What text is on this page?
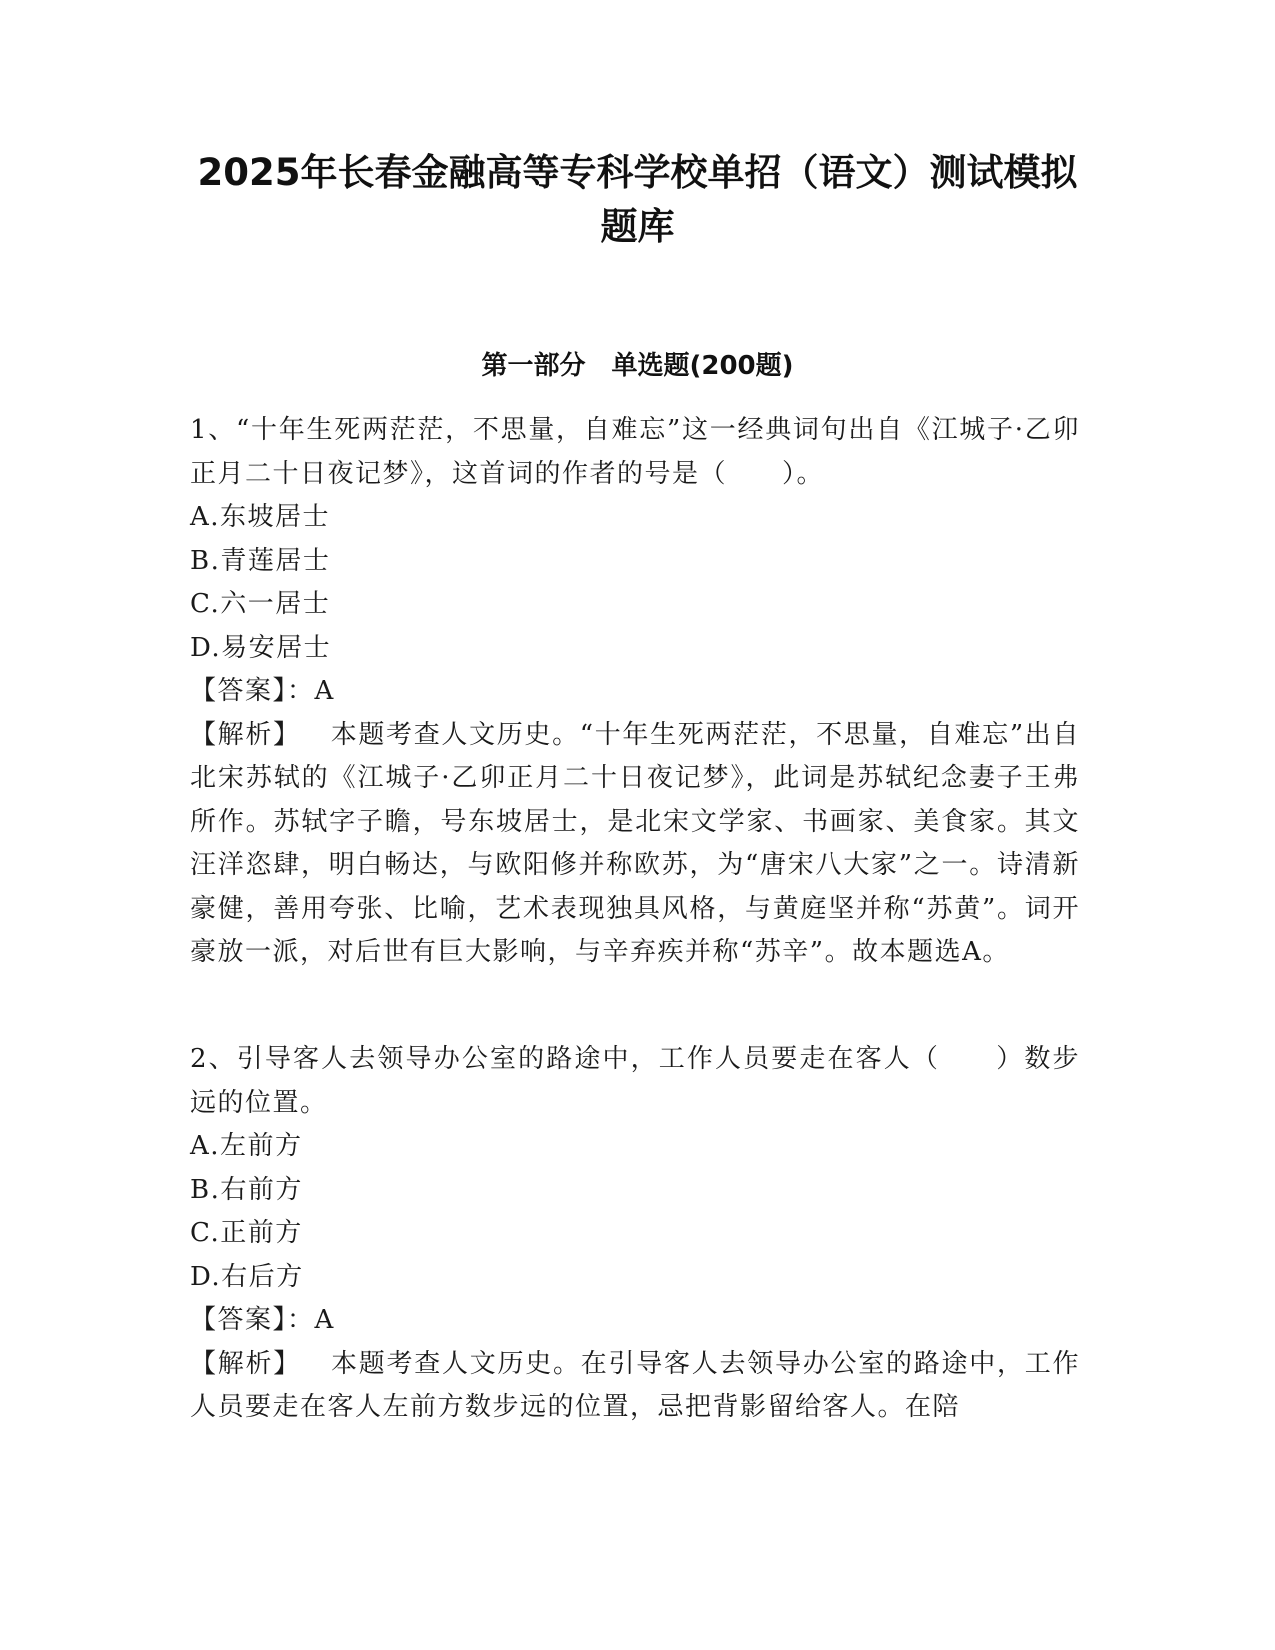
2025年长春金融高等专科学校单招（语文）测试模拟题库
第一部分　单选题(200题)

1、“十年生死两茫茫，不思量，自难忘”这一经典词句出自《江城子·乙卯正月二十日夜记梦》，这首词的作者的号是（　　）。

A.东坡居士
B.青莲居士
C.六一居士
D.易安居士

【答案】：A

【解析】 本题考查人文历史。“十年生死两茫茫，不思量，自难忘”出自北宋苏轼的《江城子·乙卯正月二十日夜记梦》，此词是苏轼纪念妻子王弗所作。苏轼字子瞻，号东坡居士，是北宋文学家、书画家、美食家。其文汪洋恣肆，明白畅达，与欧阳修并称欧苏，为“唐宋八大家”之一。诗清新豪健，善用夸张、比喻，艺术表现独具风格，与黄庭坚并称“苏黄”。词开豪放一派，对后世有巨大影响，与辛弃疾并称“苏辛”。故本题选A。

2、引导客人去领导办公室的路途中，工作人员要走在客人（　　）数步远的位置。

A.左前方
B.右前方
C.正前方
D.右后方

【答案】：A

【解析】 本题考查人文历史。在引导客人去领导办公室的路途中，工作人员要走在客人左前方数步远的位置，忌把背影留给客人。在陪
